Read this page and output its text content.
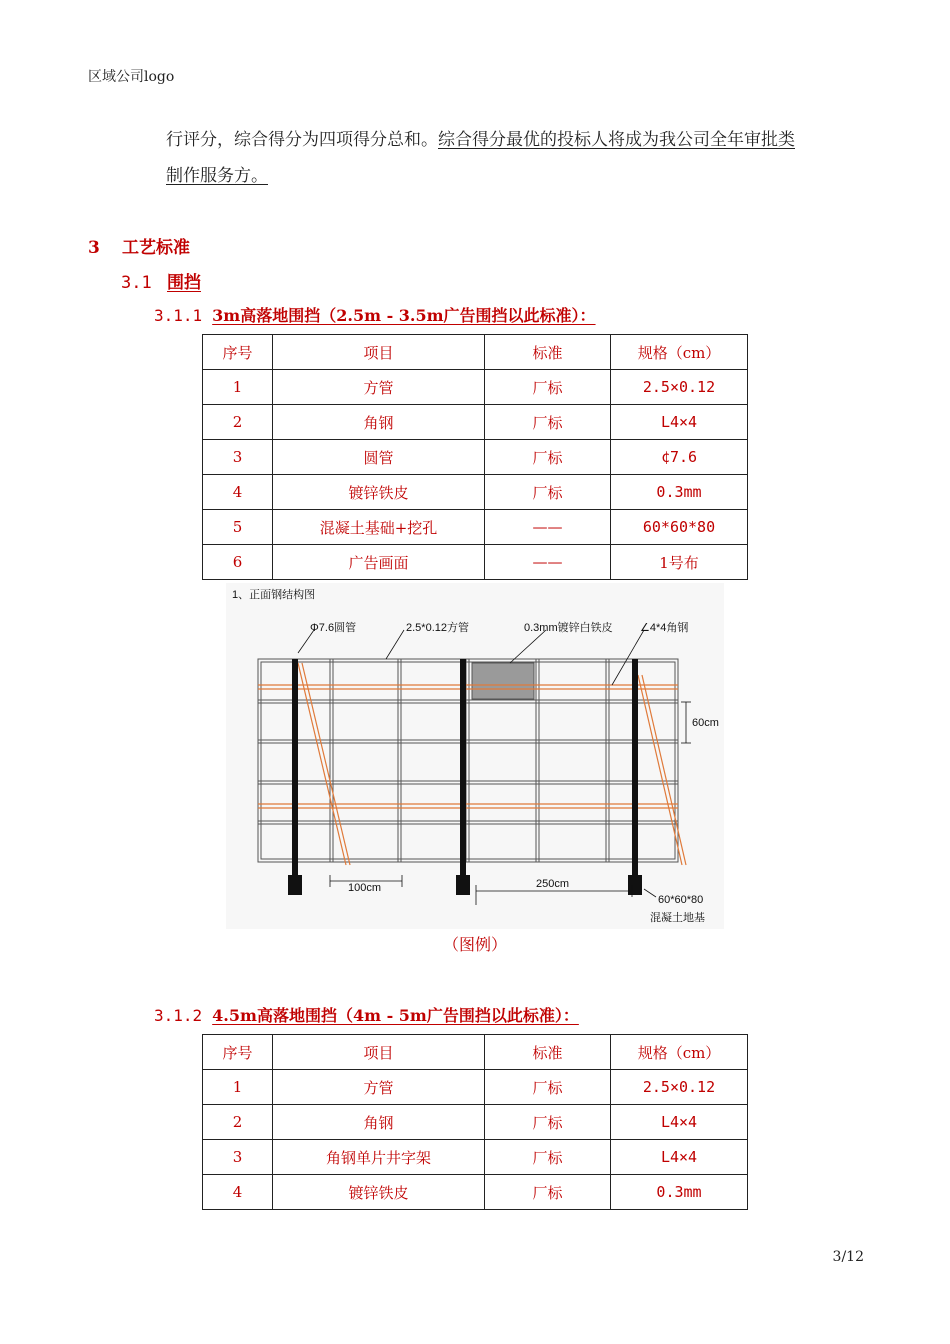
区域公司logo
行评分，综合得分为四项得分总和。综合得分最优的投标人将成为我公司全年审批类
制作服务方。
3 工艺标准
3.1 围挡
3.1.1 3m高落地围挡（2.5m - 3.5m广告围挡以此标准）：
序号	项目	标准	规格（cm）
1	方管	厂标	2.5×0.12
2	角钢	厂标	L4×4
3	圆管	厂标	¢7.6
4	镀锌铁皮	厂标	0.3mm
5	混凝土基础+挖孔	——	60*60*80
6	广告画面	——	1号布
1、正面钢结构图
Φ7.6圆管	2.5*0.12方管	0.3mm镀锌白铁皮 ∠4*4角钢
60cm
100cm	250cm
60*60*80
混凝土地基
（图例）
3.1.2 4.5m高落地围挡（4m - 5m广告围挡以此标准）：
序号	项目	标准	规格（cm）
1	方管	厂标	2.5×0.12
2	角钢	厂标	L4×4
3	角钢单片井字架	厂标	L4×4
4	镀锌铁皮	厂标	0.3mm
3/12
